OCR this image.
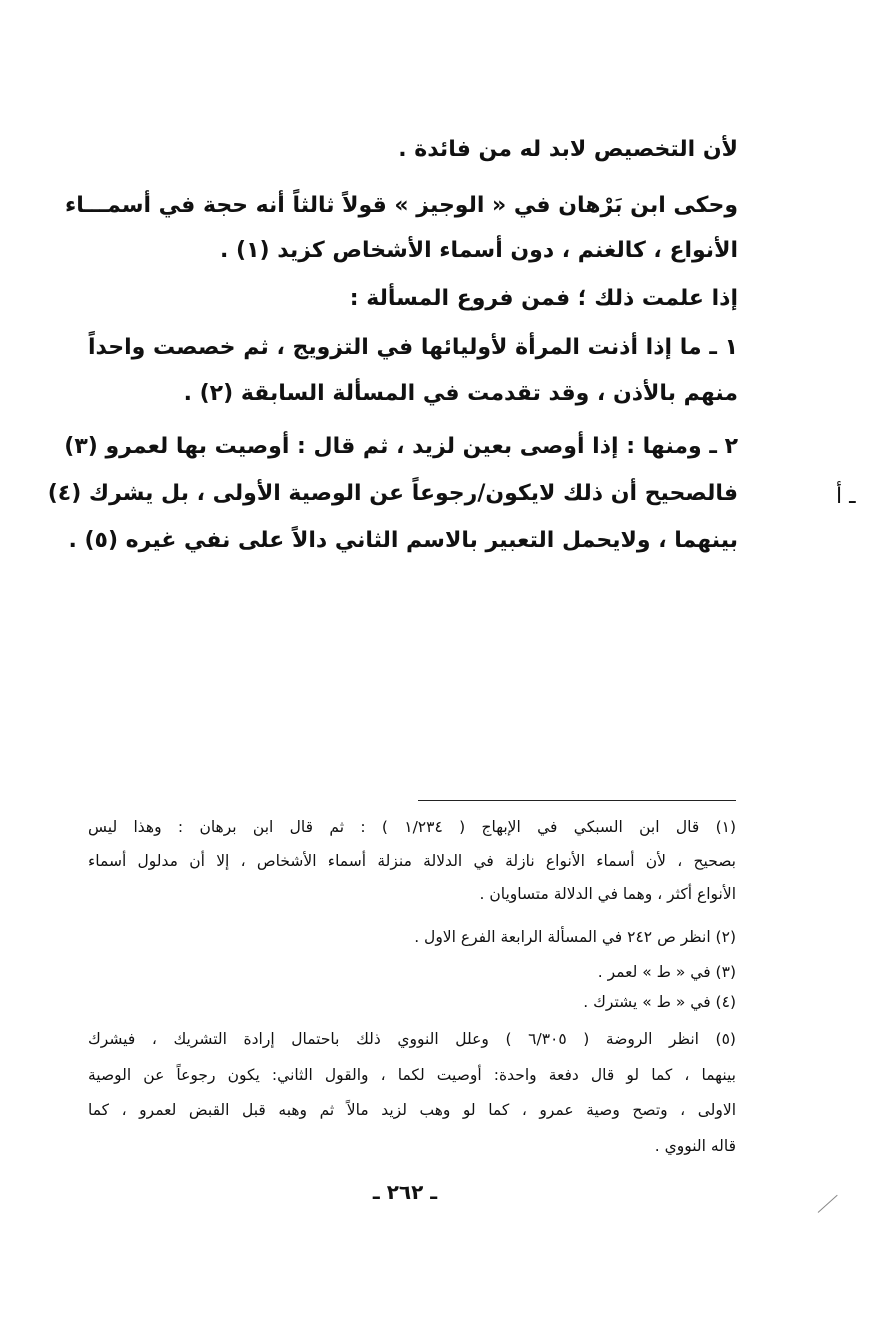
لأن التخصيص لابد له من فائدة .
وحكى ابن بَرْهان في « الوجيز » قولاً ثالثاً أنه حجة في أسمـــاء
الأنواع ، كالغنم ، دون أسماء الأشخاص كزيد (١) .
إذا علمت ذلك ؛ فمن فروع المسألة :
١ ـ ما إذا أذنت المرأة لأوليائها في التزويج ، ثم خصصت واحداً
منهم بالأذن ، وقد تقدمت في المسألة السابقة (٢) .
٢ ـ ومنها : إذا أوصى بعين لزيد ، ثم قال : أوصيت بها لعمرو (٣)
فالصحيح أن ذلك لايكون/رجوعاً عن الوصية الأولى ، بل يشرك (٤)
بينهما ، ولايحمل التعبير بالاسم الثاني دالاً على نفي غيره (٥) .
ـ أ
(١) قال ابن السبكي في الإبهاج ( ١/٢٣٤ ) : ثم قال ابن برهان : وهذا ليس
بصحيح ، لأن أسماء الأنواع نازلة في الدلالة منزلة أسماء الأشخاص ، إلا أن مدلول أسماء
الأنواع أكثر ، وهما في الدلالة متساويان .
(٢) انظر ص ٢٤٢ في المسألة الرابعة الفرع الاول .
(٣) في « ط » لعمر .
(٤) في « ط » يشترك .
(٥) انظر الروضة ( ٦/٣٠٥ ) وعلل النووي ذلك باحتمال إرادة التشريك ، فيشرك
بينهما ، كما لو قال دفعة واحدة: أوصيت لكما ، والقول الثاني: يكون رجوعاً عن الوصية
الاولى ، وتصح وصية عمرو ، كما لو وهب لزيد مالاً ثم وهبه قبل القبض لعمرو ، كما
قاله النووي .
ـ ٢٦٢ ـ
